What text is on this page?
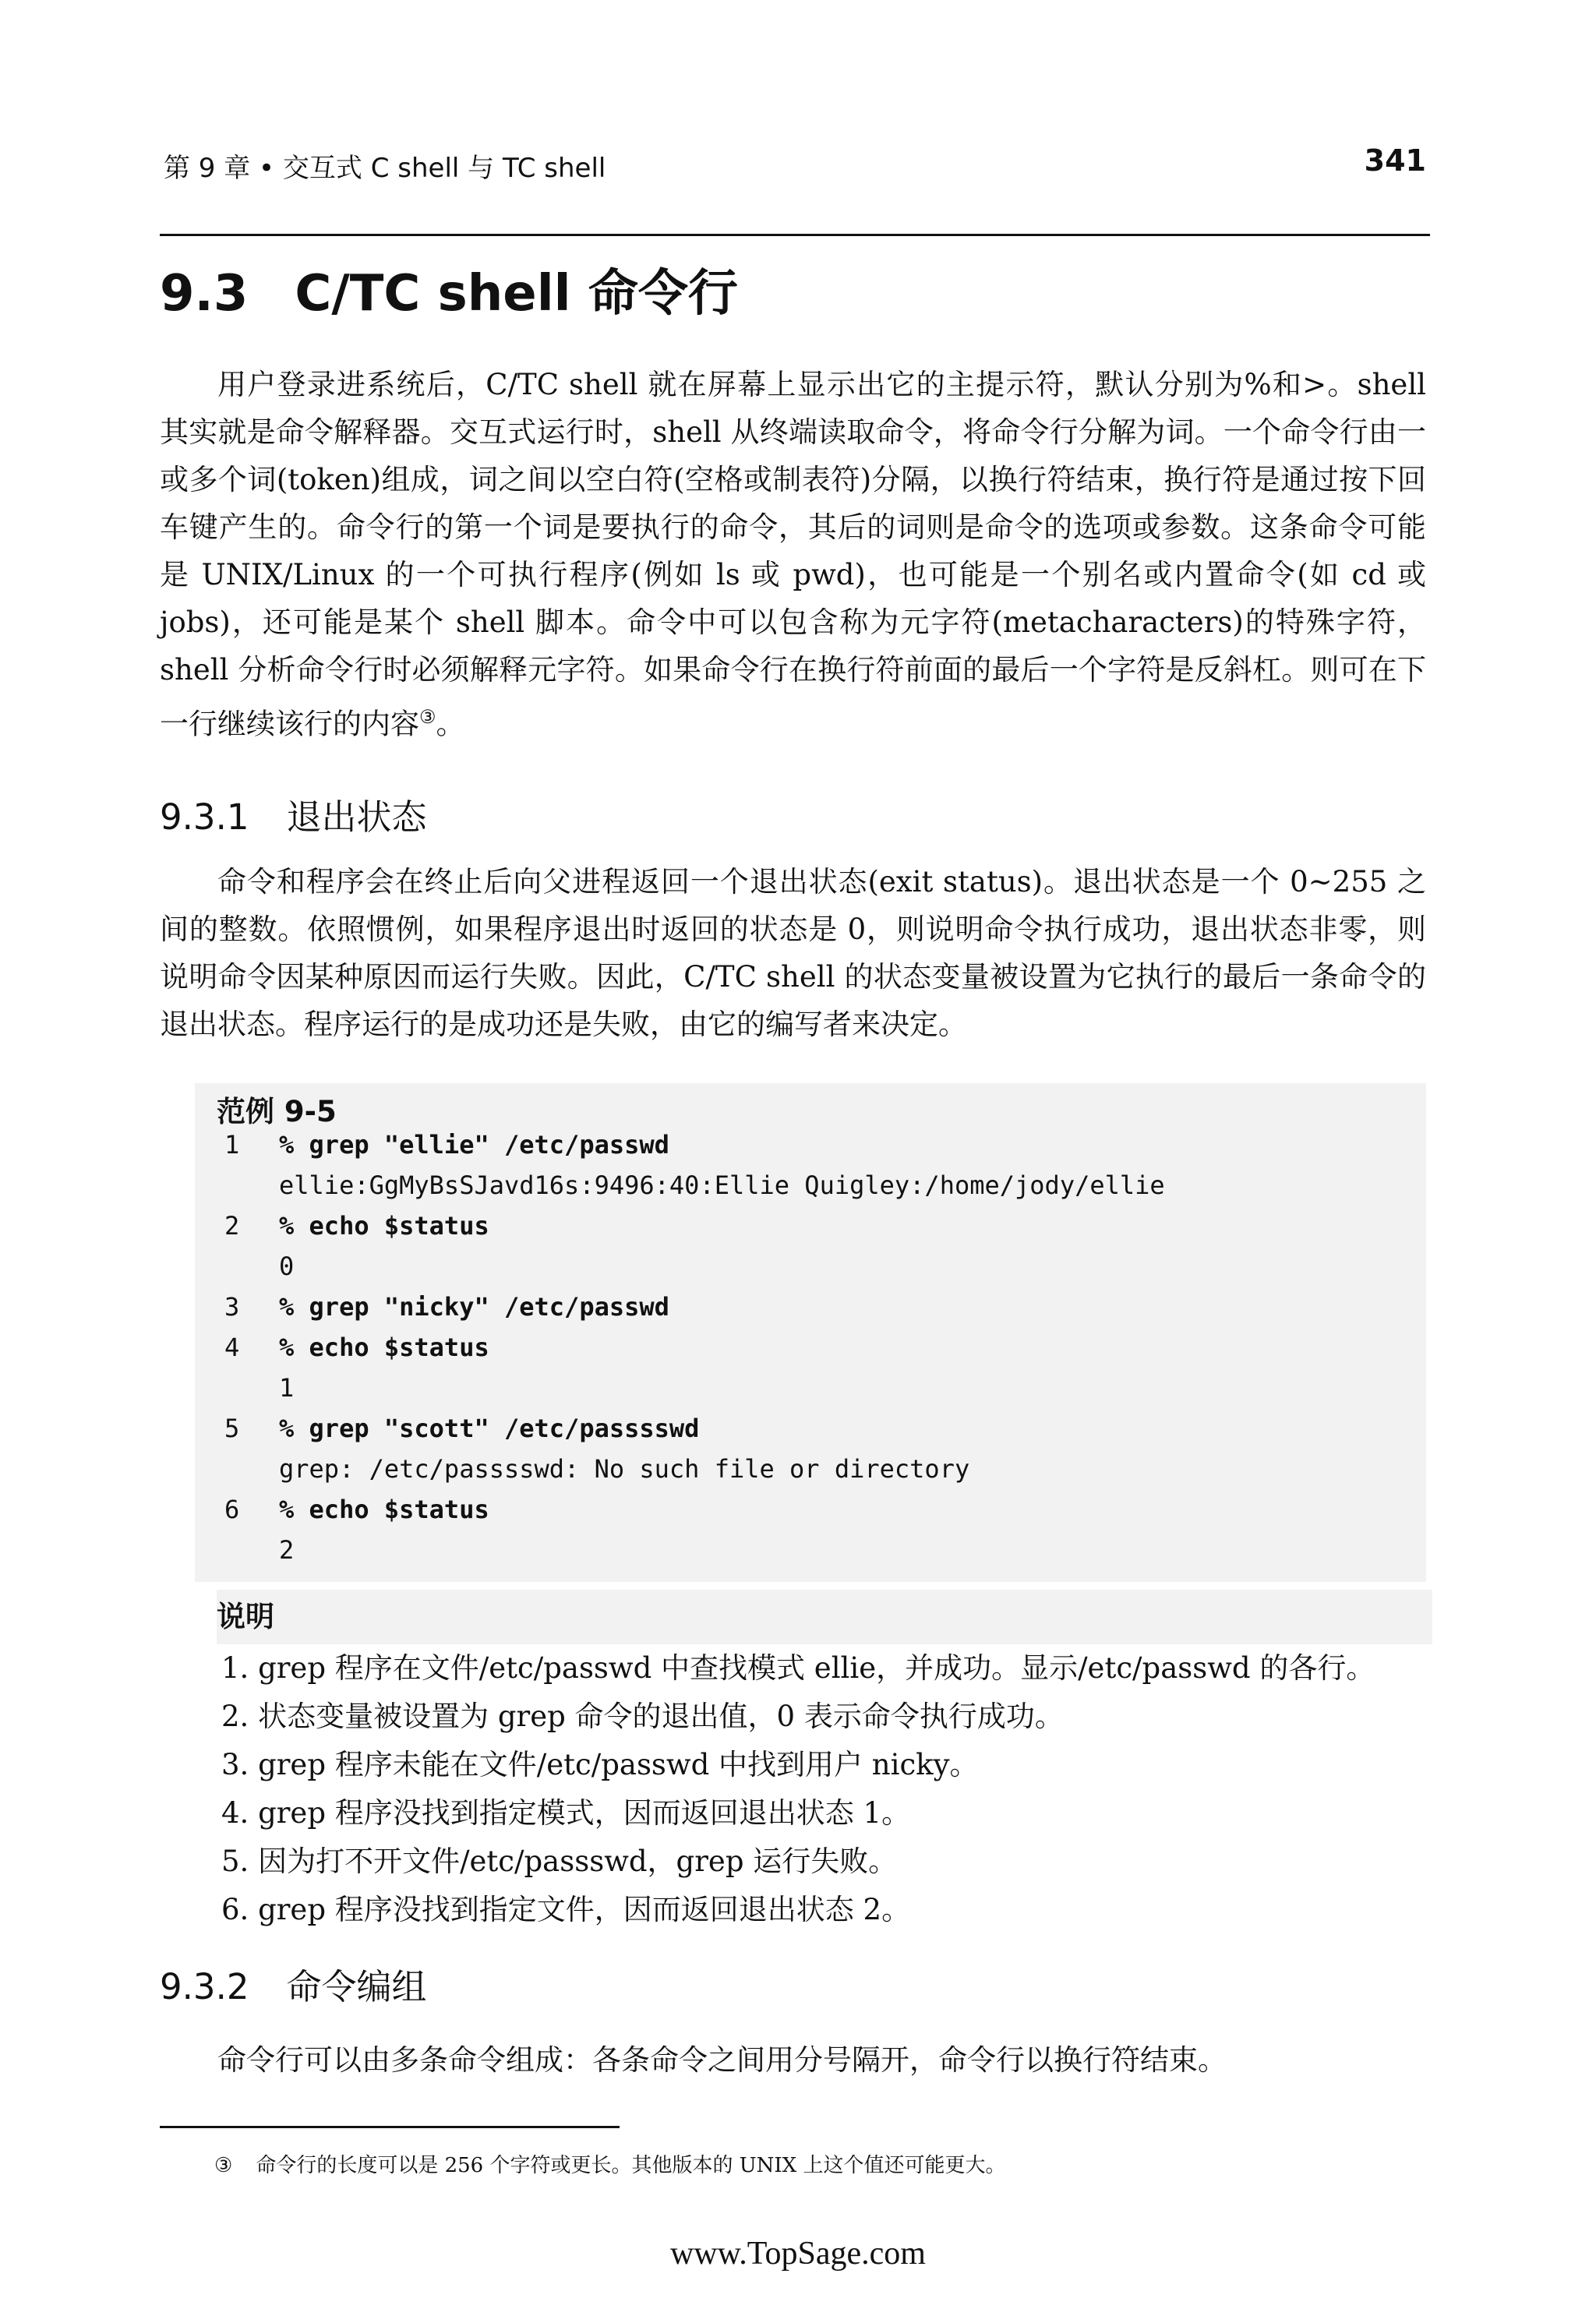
第 9 章 • 交互式 C shell 与 TC shell	341
9.3 C/TC shell 命令行
用户登录进系统后，C/TC shell 就在屏幕上显示出它的主提示符，默认分别为%和>。shell 其实就是命令解释器。交互式运行时，shell 从终端读取命令，将命令行分解为词。一个命令行由一或多个词(token)组成，词之间以空白符(空格或制表符)分隔，以换行符结束，换行符是通过按下回车键产生的。命令行的第一个词是要执行的命令，其后的词则是命令的选项或参数。这条命令可能是 UNIX/Linux 的一个可执行程序(例如 ls 或 pwd)，也可能是一个别名或内置命令(如 cd 或 jobs)，还可能是某个 shell 脚本。命令中可以包含称为元字符(metacharacters)的特殊字符，shell 分析命令行时必须解释元字符。如果命令行在换行符前面的最后一个字符是反斜杠。则可在下一行继续该行的内容③。
9.3.1 退出状态
命令和程序会在终止后向父进程返回一个退出状态(exit status)。退出状态是一个 0~255 之间的整数。依照惯例，如果程序退出时返回的状态是 0，则说明命令执行成功，退出状态非零，则说明命令因某种原因而运行失败。因此，C/TC shell 的状态变量被设置为它执行的最后一条命令的退出状态。程序运行的是成功还是失败，由它的编写者来决定。
范例 9-5
1	% grep "ellie" /etc/passwd
ellie:GgMyBsSJavd16s:9496:40:Ellie Quigley:/home/jody/ellie
2	% echo $status
0
3	% grep "nicky" /etc/passwd
4	% echo $status
1
5	% grep "scott" /etc/passsswd
grep: /etc/passsswd: No such file or directory
6	% echo $status
2
说明
1. grep 程序在文件/etc/passwd 中查找模式 ellie，并成功。显示/etc/passwd 的各行。
2. 状态变量被设置为 grep 命令的退出值，0 表示命令执行成功。
3. grep 程序未能在文件/etc/passwd 中找到用户 nicky。
4. grep 程序没找到指定模式，因而返回退出状态 1。
5. 因为打不开文件/etc/passswd，grep 运行失败。
6. grep 程序没找到指定文件，因而返回退出状态 2。
9.3.2 命令编组
命令行可以由多条命令组成：各条命令之间用分号隔开，命令行以换行符结束。
③ 命令行的长度可以是 256 个字符或更长。其他版本的 UNIX 上这个值还可能更大。
www.TopSage.com
